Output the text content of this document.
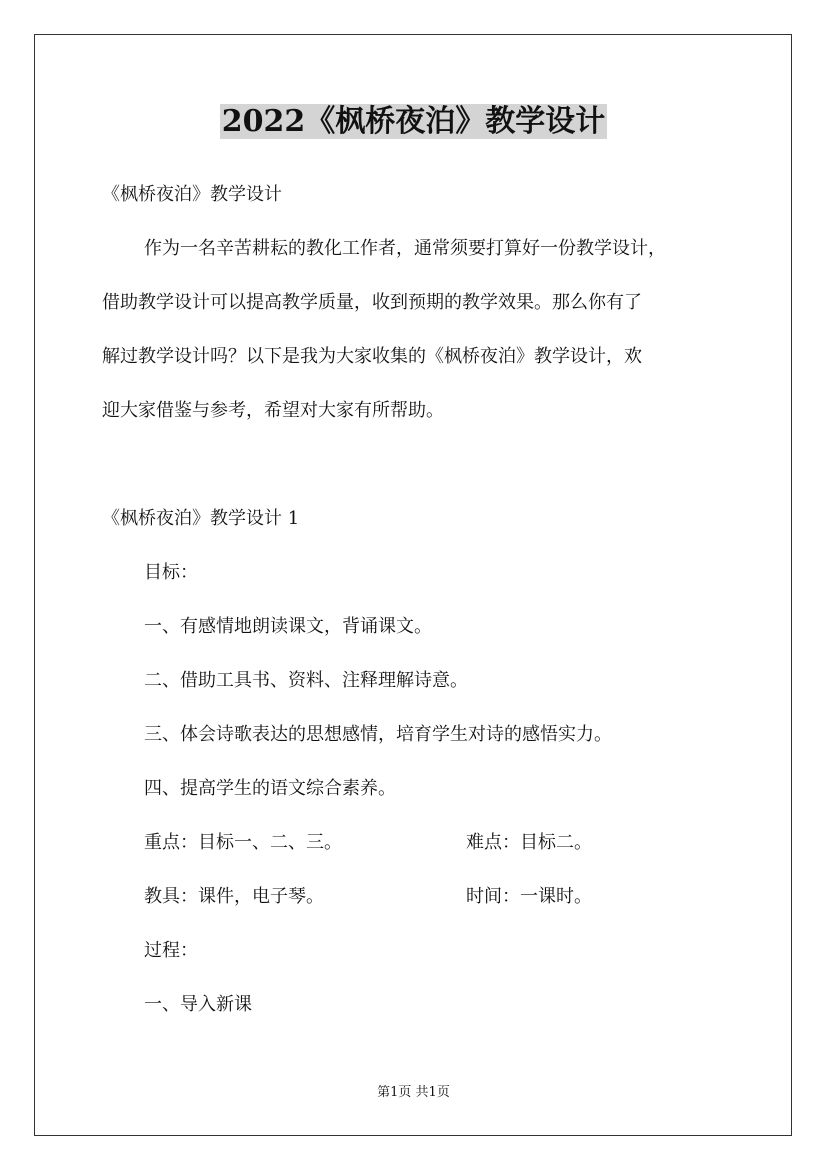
2022《枫桥夜泊》教学设计
《枫桥夜泊》教学设计
作为一名辛苦耕耘的教化工作者，通常须要打算好一份教学设计，
借助教学设计可以提高教学质量，收到预期的教学效果。那么你有了
解过教学设计吗？以下是我为大家收集的《枫桥夜泊》教学设计，欢
迎大家借鉴与参考，希望对大家有所帮助。
《枫桥夜泊》教学设计 1
目标：
一、有感情地朗读课文，背诵课文。
二、借助工具书、资料、注释理解诗意。
三、体会诗歌表达的思想感情，培育学生对诗的感悟实力。
四、提高学生的语文综合素养。
重点：目标一、二、三。	难点：目标二。
教具：课件，电子琴。	时间：一课时。
过程：
一、导入新课
第1页 共1页
